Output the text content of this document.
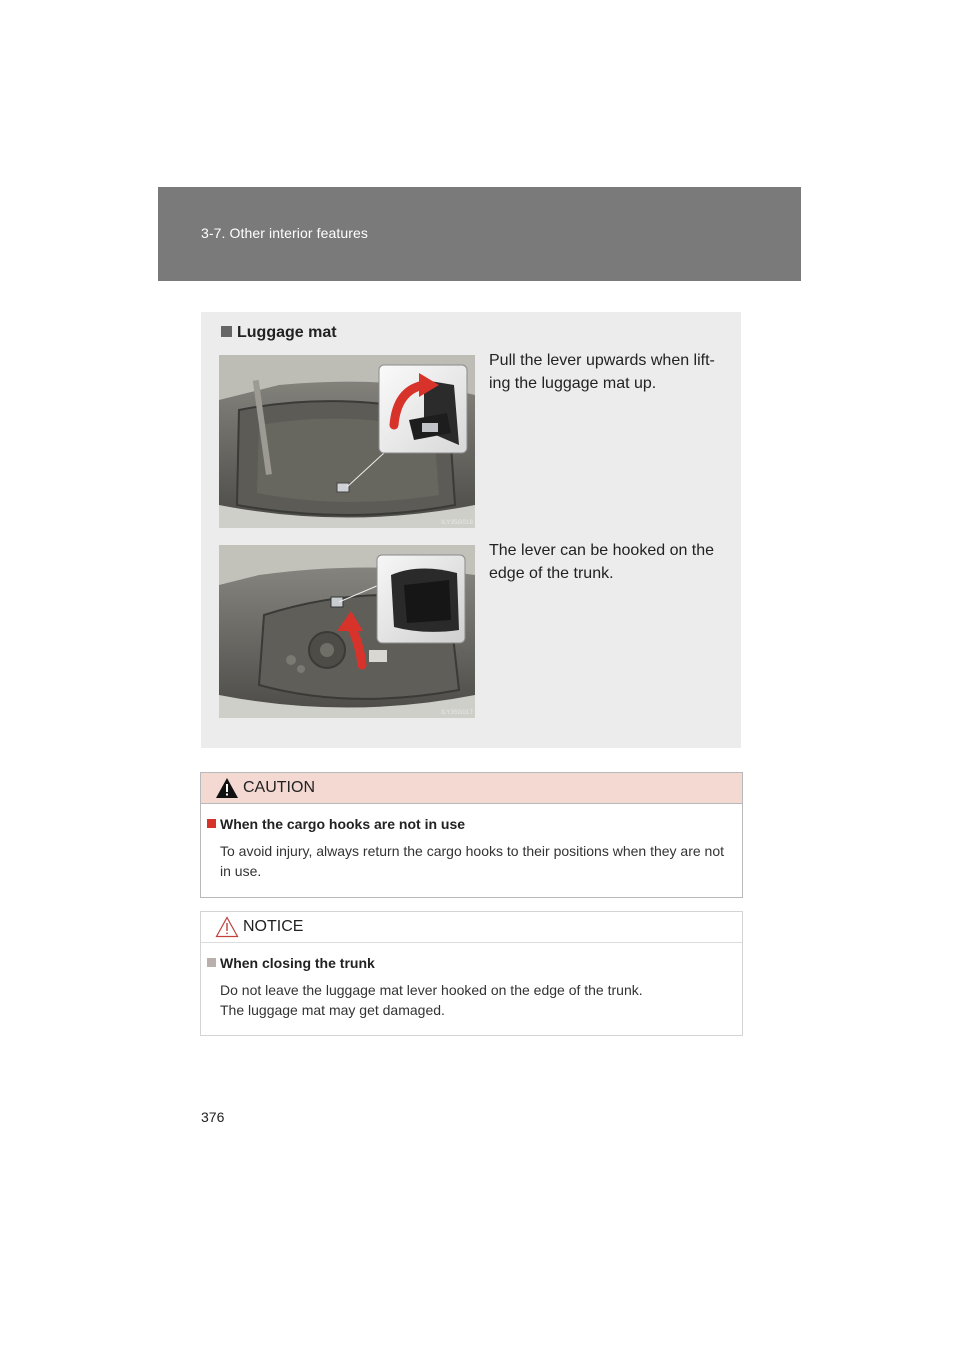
3-7. Other interior features
Luggage mat
ILY35G018
Pull the lever upwards when lift-ing the luggage mat up.
ILY35G017
The lever can be hooked on the edge of the trunk.
CAUTION
When the cargo hooks are not in use
To avoid injury, always return the cargo hooks to their positions when they are not in use.
NOTICE
When closing the trunk
Do not leave the luggage mat lever hooked on the edge of the trunk.
The luggage mat may get damaged.
376
